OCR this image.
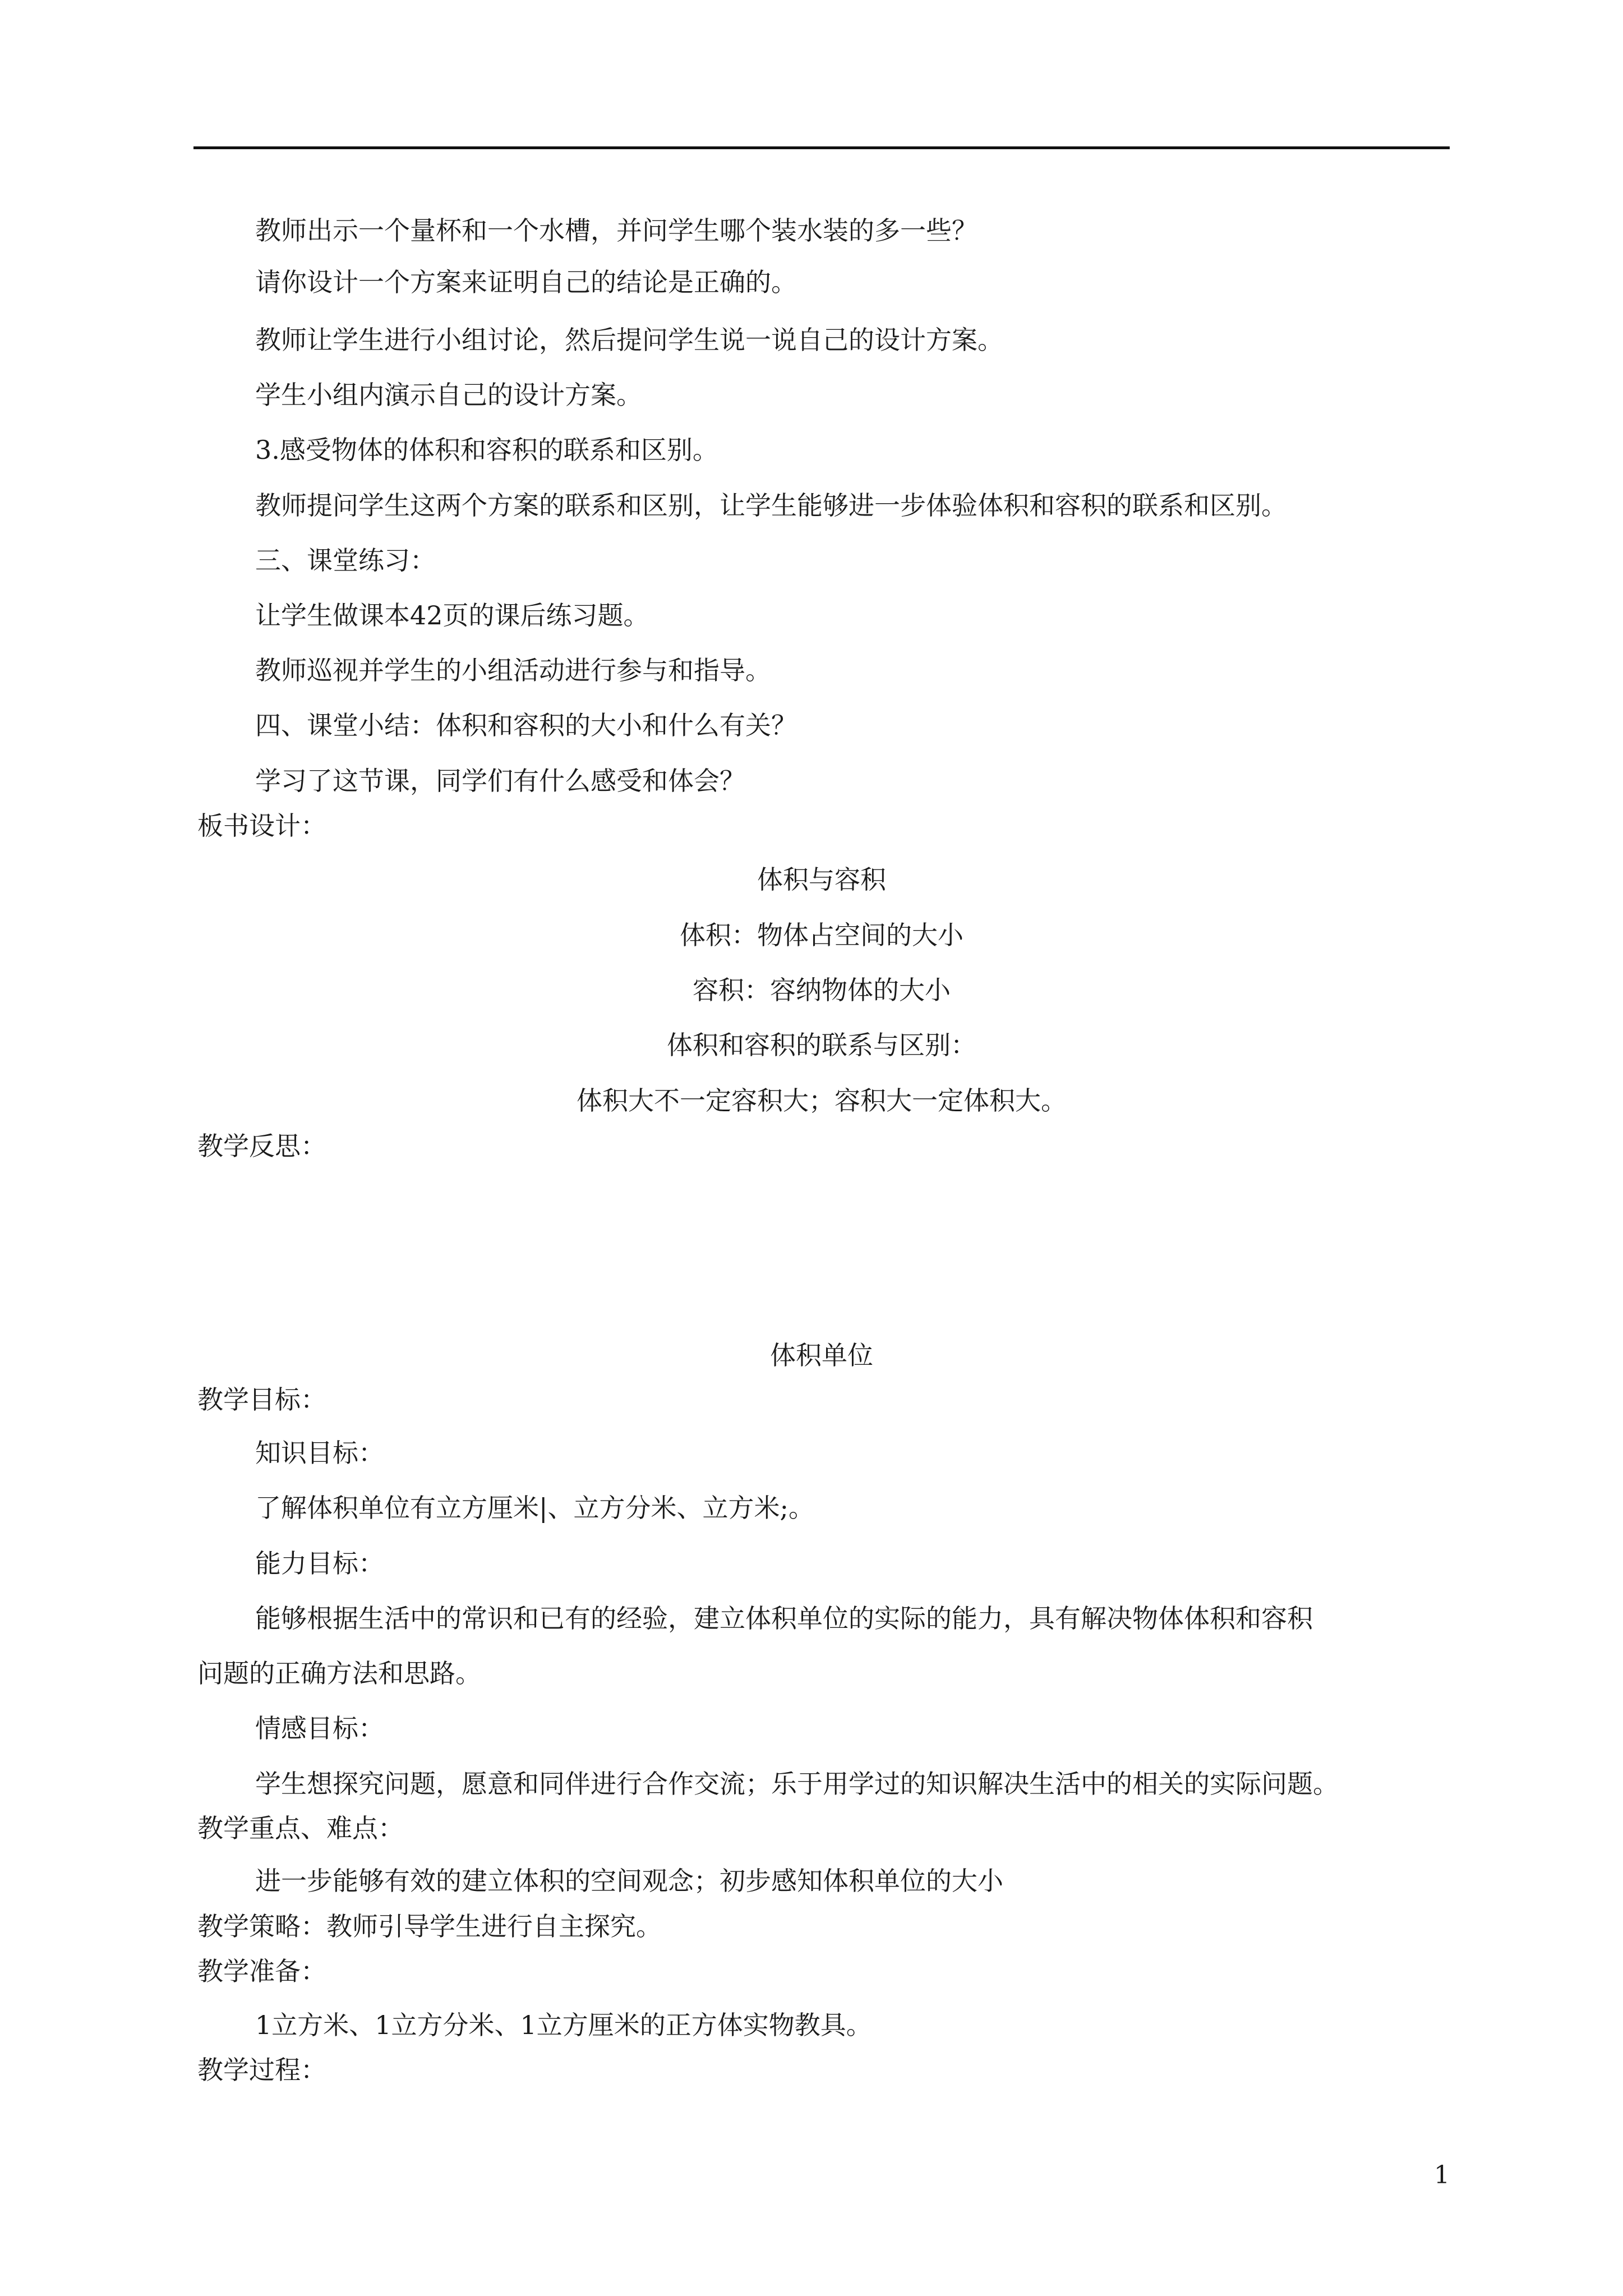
教师出示一个量杯和一个水槽，并问学生哪个装水装的多一些？
请你设计一个方案来证明自己的结论是正确的。
教师让学生进行小组讨论，然后提问学生说一说自己的设计方案。
学生小组内演示自己的设计方案。
3.感受物体的体积和容积的联系和区别。
教师提问学生这两个方案的联系和区别，让学生能够进一步体验体积和容积的联系和区别。
三、课堂练习：
让学生做课本42页的课后练习题。
教师巡视并学生的小组活动进行参与和指导。
四、课堂小结：体积和容积的大小和什么有关？
学习了这节课，同学们有什么感受和体会？
板书设计：
体积与容积
体积：物体占空间的大小
容积：容纳物体的大小
体积和容积的联系与区别：
体积大不一定容积大；容积大一定体积大。
教学反思：
体积单位
教学目标：
知识目标：
了解体积单位有立方厘米|、立方分米、立方米;。
能力目标：
能够根据生活中的常识和已有的经验，建立体积单位的实际的能力，具有解决物体体积和容积
问题的正确方法和思路。
情感目标：
学生想探究问题，愿意和同伴进行合作交流；乐于用学过的知识解决生活中的相关的实际问题。
教学重点、难点：
进一步能够有效的建立体积的空间观念；初步感知体积单位的大小
教学策略：教师引导学生进行自主探究。
教学准备：
1立方米、1立方分米、1立方厘米的正方体实物教具。
教学过程：
1
